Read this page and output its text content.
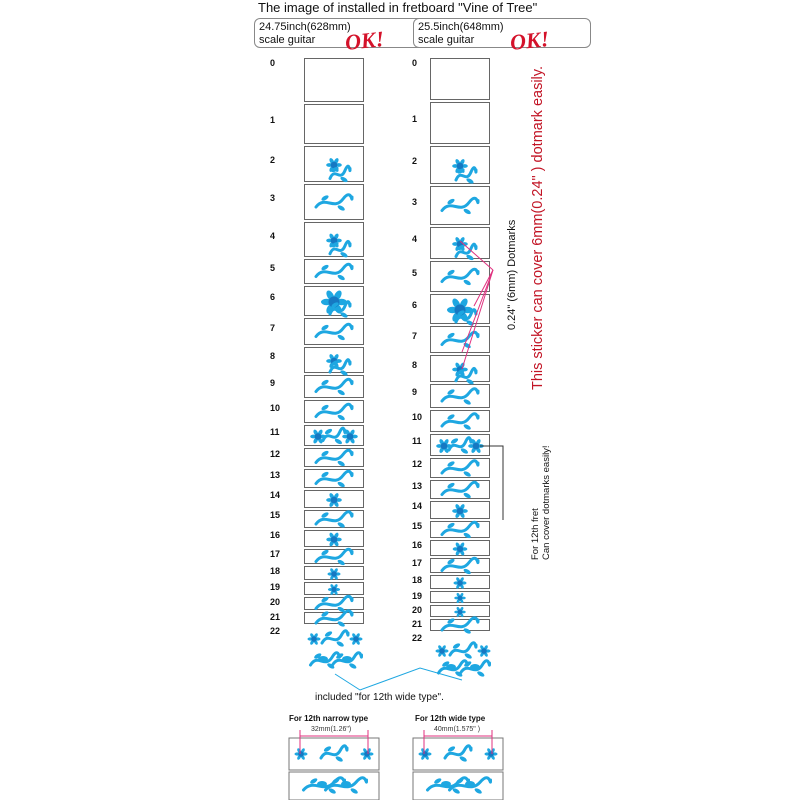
The image of installed in fretboard "Vine of Tree"
24.75inch(628mm)
scale guitar	OK!	25.5inch(648mm)
scale guitar	OK!
0
1
2
3
4
5
6
7
8
9
10
11
12
13
14
15
16
17
18
19
20
21
22
0
1
2
3
4
5
6
7
8
9
10
11
12
13
14
15
16
17
18
19
20
21
22
This sticker can cover 6mm(0.24" ) dotmark easily.
0.24" (6mm) Dotmarks
For 12th fret Can cover dotmarks easily!
included "for 12th wide type".
For 12th narrow type
32mm(1.26")
For 12th wide type
40mm(1.575" )
